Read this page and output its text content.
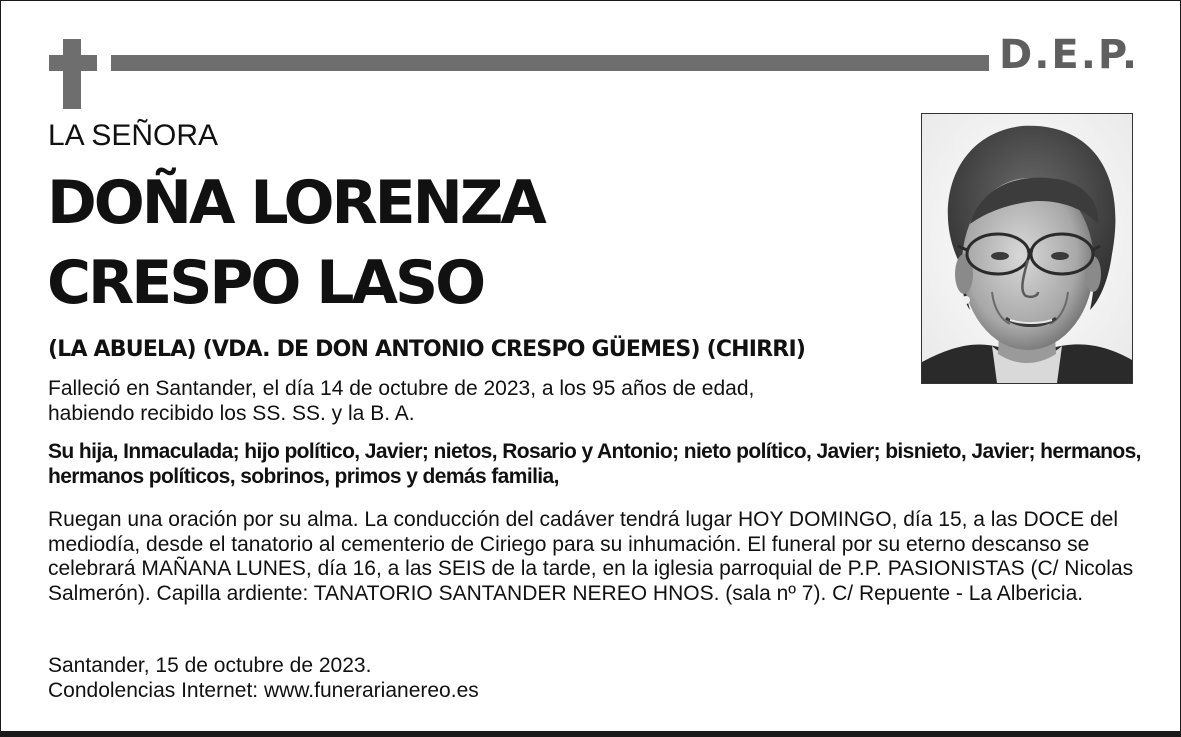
D.E.P.
LA SEÑORA
DOÑA LORENZA
CRESPO LASO
(LA ABUELA) (VDA. DE DON ANTONIO CRESPO GÜEMES) (CHIRRI)
Falleció en Santander, el día 14 de octubre de 2023, a los 95 años de edad, habiendo recibido los SS. SS. y la B. A.
Su hija, Inmaculada; hijo político, Javier; nietos, Rosario y Antonio; nieto político, Javier; bisnieto, Javier; hermanos, hermanos políticos, sobrinos, primos y demás familia,
Ruegan una oración por su alma. La conducción del cadáver tendrá lugar HOY DOMINGO, día 15, a las DOCE del mediodía, desde el tanatorio al cementerio de Ciriego para su inhumación. El funeral por su eterno descanso se celebrará MAÑANA LUNES, día 16, a las SEIS de la tarde, en la iglesia parroquial de P.P. PASIONISTAS (C/ Nicolas Salmerón). Capilla ardiente: TANATORIO SANTANDER NEREO HNOS. (sala nº 7). C/ Repuente - La Albericia.
Santander, 15 de octubre de 2023.
Condolencias Internet: www.funerarianereo.es
